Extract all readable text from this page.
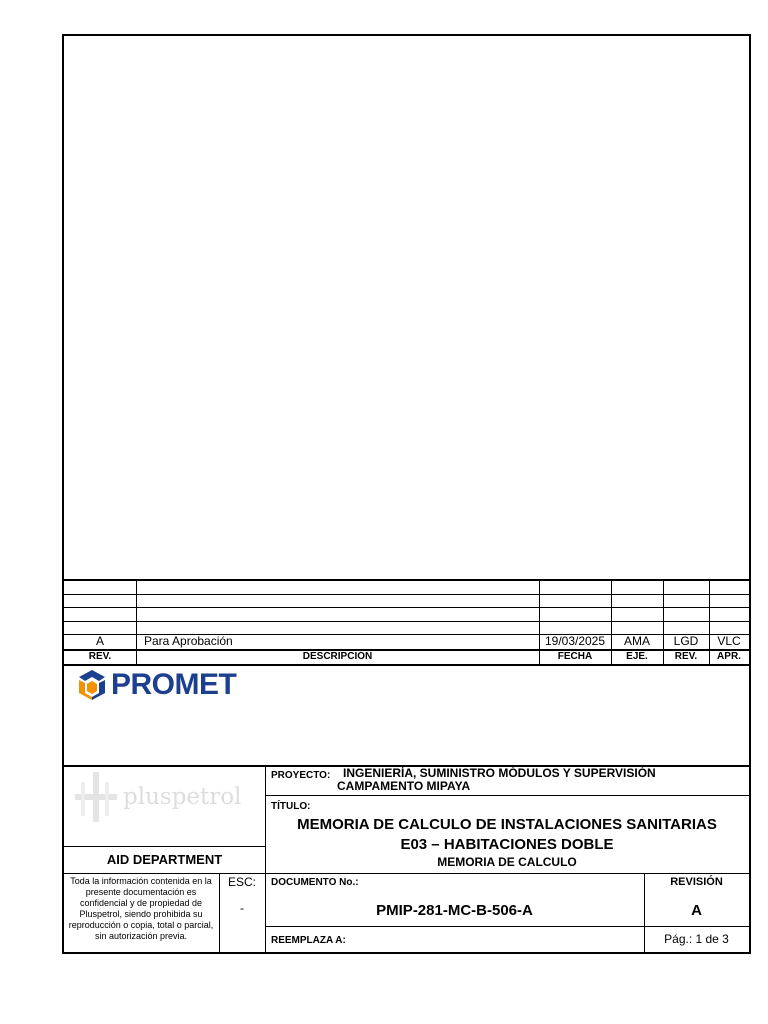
A	Para Aprobación	19/03/2025	AMA	LGD	VLC
REV.	DESCRIPCIÓN	FECHA	EJE.	REV.	APR.
PROMET
pluspetrol
AID DEPARTMENT
PROYECTO: INGENIERÍA, SUMINISTRO MÓDULOS Y SUPERVISIÓN
CAMPAMENTO MIPAYA
TÍTULO:
MEMORIA DE CALCULO DE INSTALACIONES SANITARIAS
E03 – HABITACIONES DOBLE
MEMORIA DE CALCULO
Toda la información contenida en la presente documentación es confidencial y de propiedad de Pluspetrol, siendo prohibida su reproducción o copia, total o parcial, sin autorización previa.
ESC:
-
DOCUMENTO No.:
PMIP-281-MC-B-506-A
REVISIÓN
A
REEMPLAZA A:	Pág.: 1 de 3
